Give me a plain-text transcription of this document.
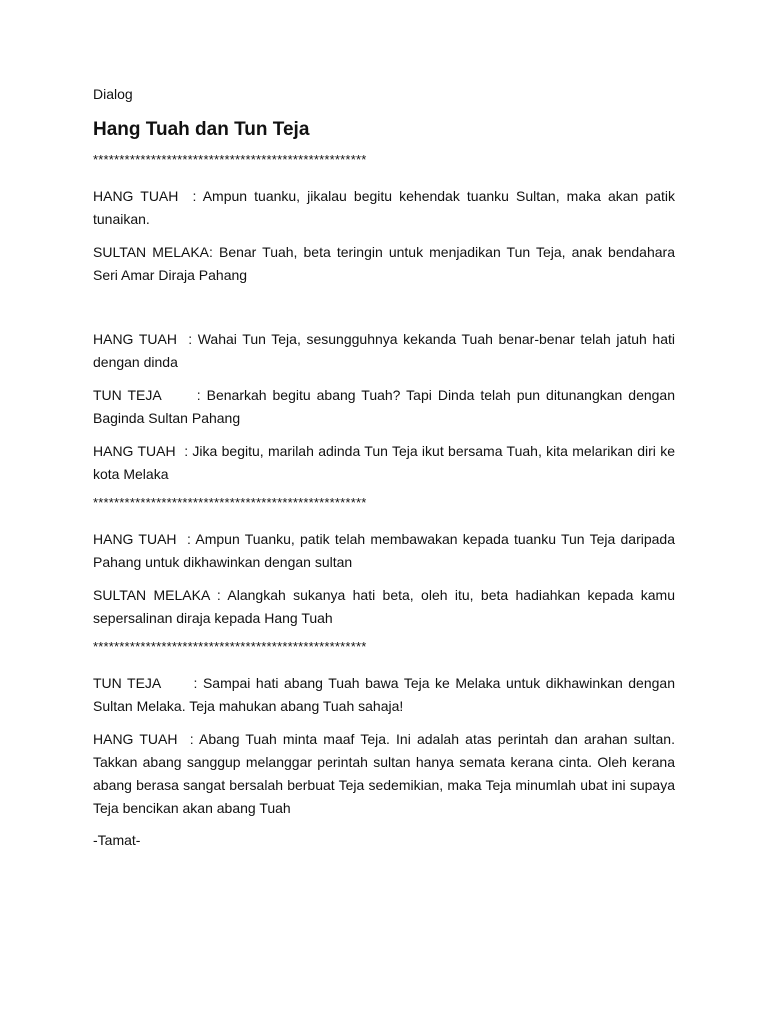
Dialog
Hang Tuah dan Tun Teja
****************************************************

HANG TUAH  : Ampun tuanku, jikalau begitu kehendak tuanku Sultan, maka akan patik tunaikan.

SULTAN MELAKA: Benar Tuah, beta teringin untuk menjadikan Tun Teja, anak bendahara Seri Amar Diraja Pahang

HANG TUAH  : Wahai Tun Teja, sesungguhnya kekanda Tuah benar-benar telah jatuh hati dengan dinda

TUN TEJA      : Benarkah begitu abang Tuah? Tapi Dinda telah pun ditunangkan dengan Baginda Sultan Pahang

HANG TUAH  : Jika begitu, marilah adinda Tun Teja ikut bersama Tuah, kita melarikan diri ke kota Melaka

****************************************************

HANG TUAH  : Ampun Tuanku, patik telah membawakan kepada tuanku Tun Teja daripada Pahang untuk dikhawinkan dengan sultan

SULTAN MELAKA : Alangkah sukanya hati beta, oleh itu, beta hadiahkan kepada kamu sepersalinan diraja kepada Hang Tuah

****************************************************

TUN TEJA      : Sampai hati abang Tuah bawa Teja ke Melaka untuk dikhawinkan dengan Sultan Melaka. Teja mahukan abang Tuah sahaja!

HANG TUAH  : Abang Tuah minta maaf Teja. Ini adalah atas perintah dan arahan sultan. Takkan abang sanggup melanggar perintah sultan hanya semata kerana cinta. Oleh kerana abang berasa sangat bersalah berbuat Teja sedemikian, maka Teja minumlah ubat ini supaya Teja bencikan akan abang Tuah

-Tamat-
